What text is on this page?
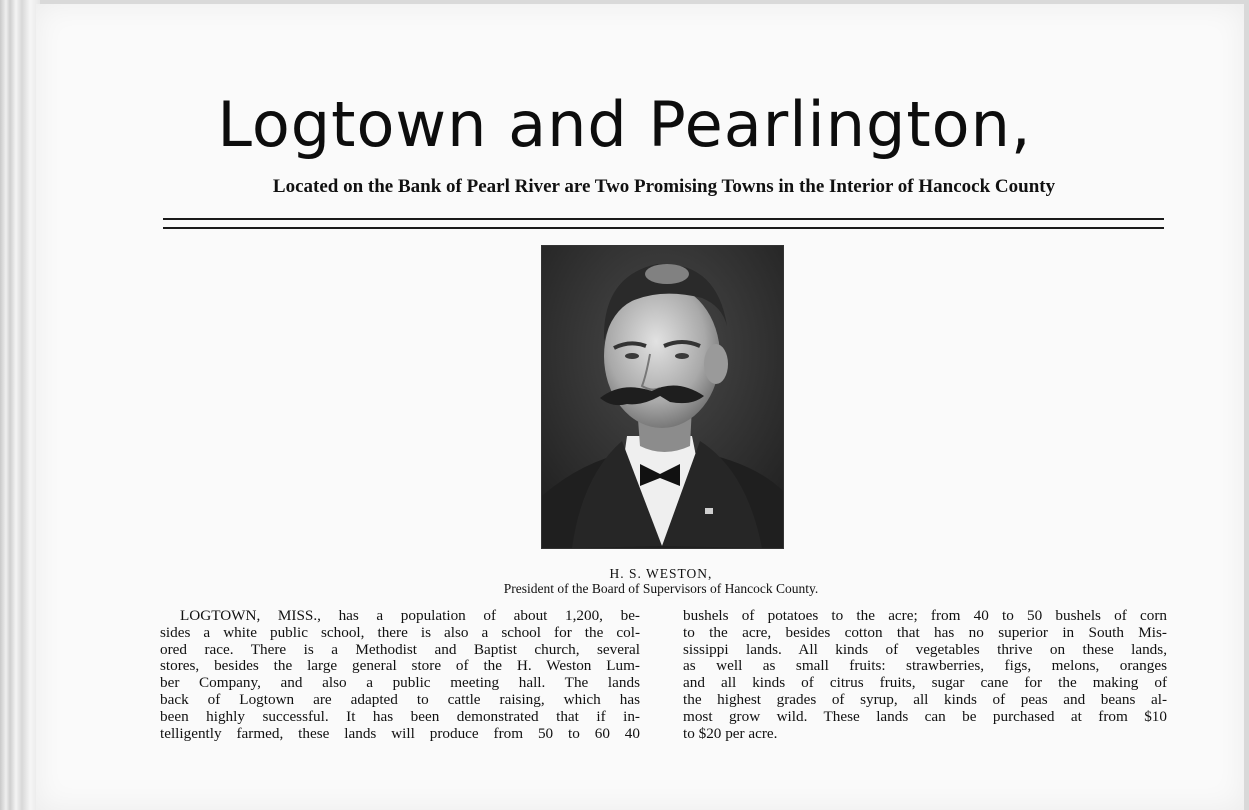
Logtown and Pearlington,
Located on the Bank of Pearl River are Two Promising Towns in the Interior of Hancock County
H. S. WESTON,
President of the Board of Supervisors of Hancock County.
LOGTOWN, MISS., has a population of about 1,200, be-
sides a white public school, there is also a school for the col-
ored race. There is a Methodist and Baptist church, several
stores, besides the large general store of the H. Weston Lum-
ber Company, and also a public meeting hall. The lands
back of Logtown are adapted to cattle raising, which has
been highly successful. It has been demonstrated that if in-
telligently farmed, these lands will produce from 50 to 60 40
bushels of potatoes to the acre; from 40 to 50 bushels of corn
to the acre, besides cotton that has no superior in South Mis-
sissippi lands. All kinds of vegetables thrive on these lands,
as well as small fruits: strawberries, figs, melons, oranges
and all kinds of citrus fruits, sugar cane for the making of
the highest grades of syrup, all kinds of peas and beans al-
most grow wild. These lands can be purchased at from $10
to $20 per acre.
